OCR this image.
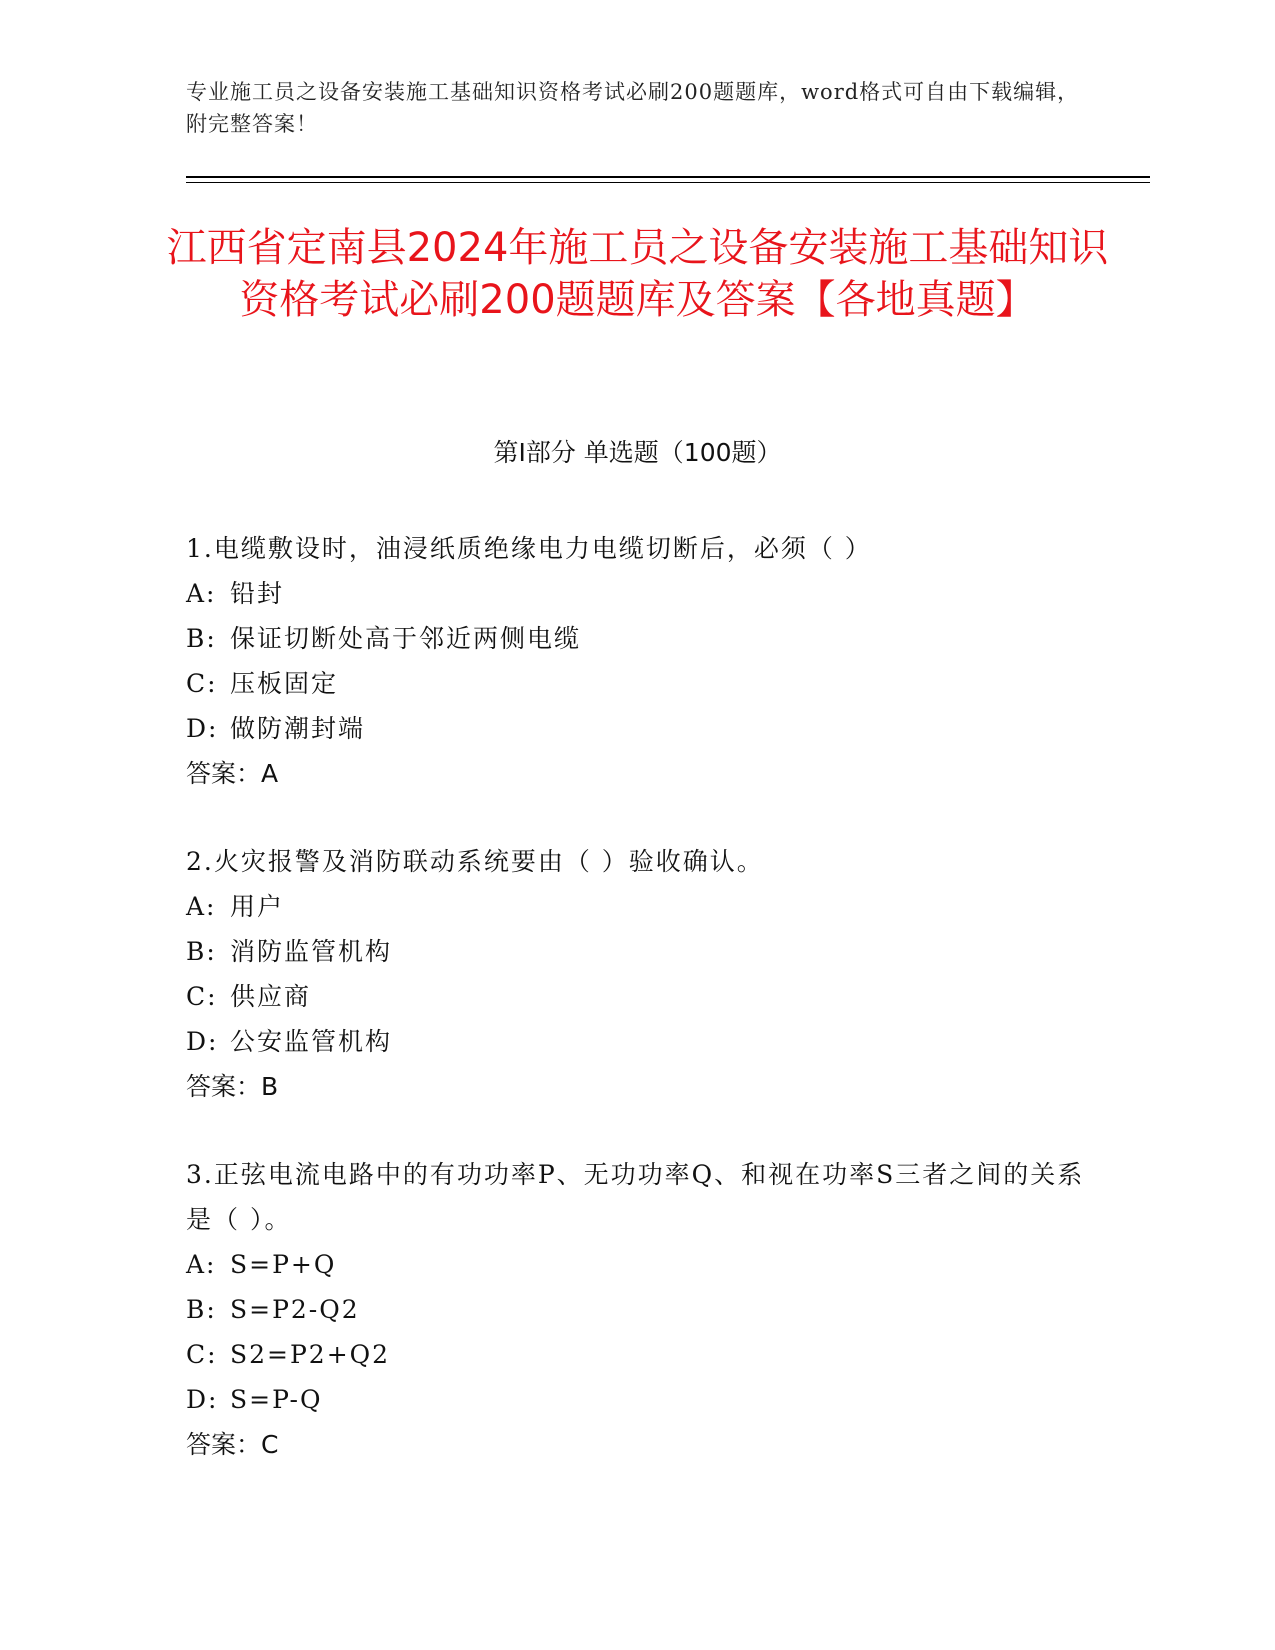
专业施工员之设备安装施工基础知识资格考试必刷200题题库，word格式可自由下载编辑，附完整答案！
江西省定南县2024年施工员之设备安装施工基础知识资格考试必刷200题题库及答案【各地真题】
第I部分 单选题（100题）
1.电缆敷设时，油浸纸质绝缘电力电缆切断后，必须（ ）
A: 铅封
B: 保证切断处高于邻近两侧电缆
C: 压板固定
D: 做防潮封端
答案：A
2.火灾报警及消防联动系统要由（ ）验收确认。
A: 用户
B: 消防监管机构
C: 供应商
D: 公安监管机构
答案：B
3.正弦电流电路中的有功功率P、无功功率Q、和视在功率S三者之间的关系是（ ）。
A: S=P+Q
B: S=P2-Q2
C: S2=P2+Q2
D: S=P-Q
答案：C
